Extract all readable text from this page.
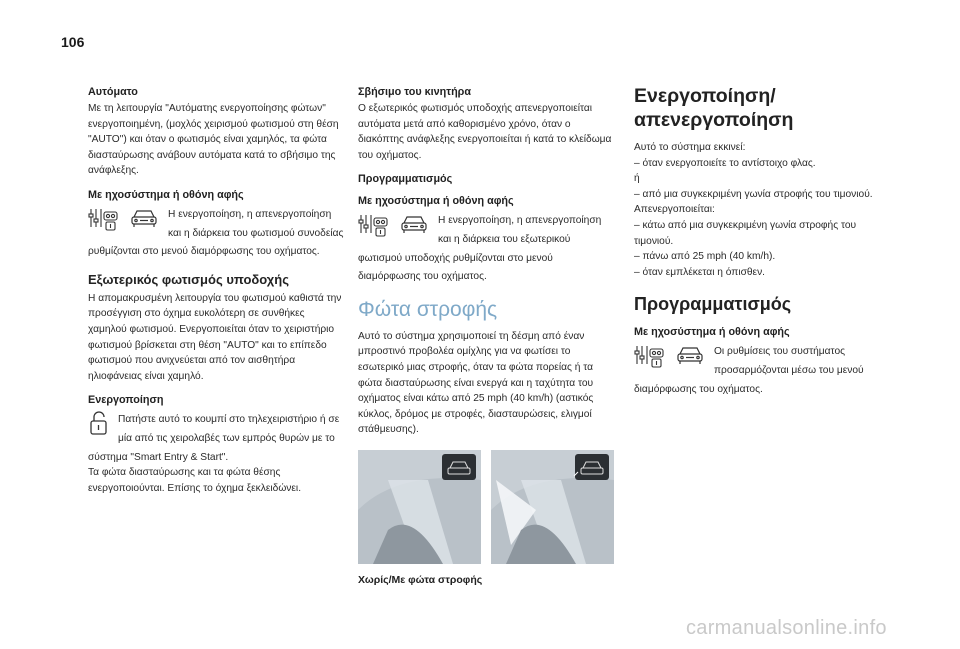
106
Αυτόματο
Με τη λειτουργία "Αυτόματης ενεργοποίησης φώτων" ενεργοποιημένη, (μοχλός χειρισμού φωτισμού στη θέση "AUTO") και όταν ο φωτισμός είναι χαμηλός, τα φώτα διασταύρωσης ανάβουν αυτόματα κατά το σβήσιμο της ανάφλεξης.
Με ηχοσύστημα ή οθόνη αφής
Η ενεργοποίηση, η απενεργοποίηση και η διάρκεια του φωτισμού συνοδείας ρυθμίζονται στο μενού διαμόρφωσης του οχήματος.
Εξωτερικός φωτισμός υποδοχής
Η απομακρυσμένη λειτουργία του φωτισμού καθιστά την προσέγγιση στο όχημα ευκολότερη σε συνθήκες χαμηλού φωτισμού. Ενεργοποιείται όταν το χειριστήριο φωτισμού βρίσκεται στη θέση "AUTO" και το επίπεδο φωτισμού που ανιχνεύεται από τον αισθητήρα ηλιοφάνειας είναι χαμηλό.
Ενεργοποίηση
Πατήστε αυτό το κουμπί στο τηλεχειριστήριο ή σε μία από τις χειρολαβές των εμπρός θυρών με το σύστημα "Smart Entry & Start".
Τα φώτα διασταύρωσης και τα φώτα θέσης ενεργοποιούνται. Επίσης το όχημα ξεκλειδώνει.
Σβήσιμο του κινητήρα
Ο εξωτερικός φωτισμός υποδοχής απενεργοποιείται αυτόματα μετά από καθορισμένο χρόνο, όταν ο διακόπτης ανάφλεξης ενεργοποιείται ή κατά το κλείδωμα του οχήματος.
Προγραμματισμός
Με ηχοσύστημα ή οθόνη αφής
Η ενεργοποίηση, η απενεργοποίηση και η διάρκεια του εξωτερικού φωτισμού υποδοχής ρυθμίζονται στο μενού διαμόρφωσης του οχήματος.
Φώτα στροφής
Αυτό το σύστημα χρησιμοποιεί τη δέσμη από έναν μπροστινό προβολέα ομίχλης για να φωτίσει το εσωτερικό μιας στροφής, όταν τα φώτα πορείας ή τα φώτα διασταύρωσης είναι ενεργά και η ταχύτητα του οχήματος είναι κάτω από 25 mph (40 km/h) (αστικός κύκλος, δρόμος με στροφές, διασταυρώσεις, ελιγμοί στάθμευσης).
Χωρίς/Με φώτα στροφής
Ενεργοποίηση/ απενεργοποίηση
Αυτό το σύστημα εκκινεί:
– όταν ενεργοποιείτε το αντίστοιχο φλας.
ή
– από μια συγκεκριμένη γωνία στροφής του τιμονιού.
Απενεργοποιείται:
– κάτω από μια συγκεκριμένη γωνία στροφής του τιμονιού.
– πάνω από 25 mph (40 km/h).
– όταν εμπλέκεται η όπισθεν.
Προγραμματισμός
Με ηχοσύστημα ή οθόνη αφής
Οι ρυθμίσεις του συστήματος προσαρμόζονται μέσω του μενού διαμόρφωσης του οχήματος.
carmanualsonline.info
